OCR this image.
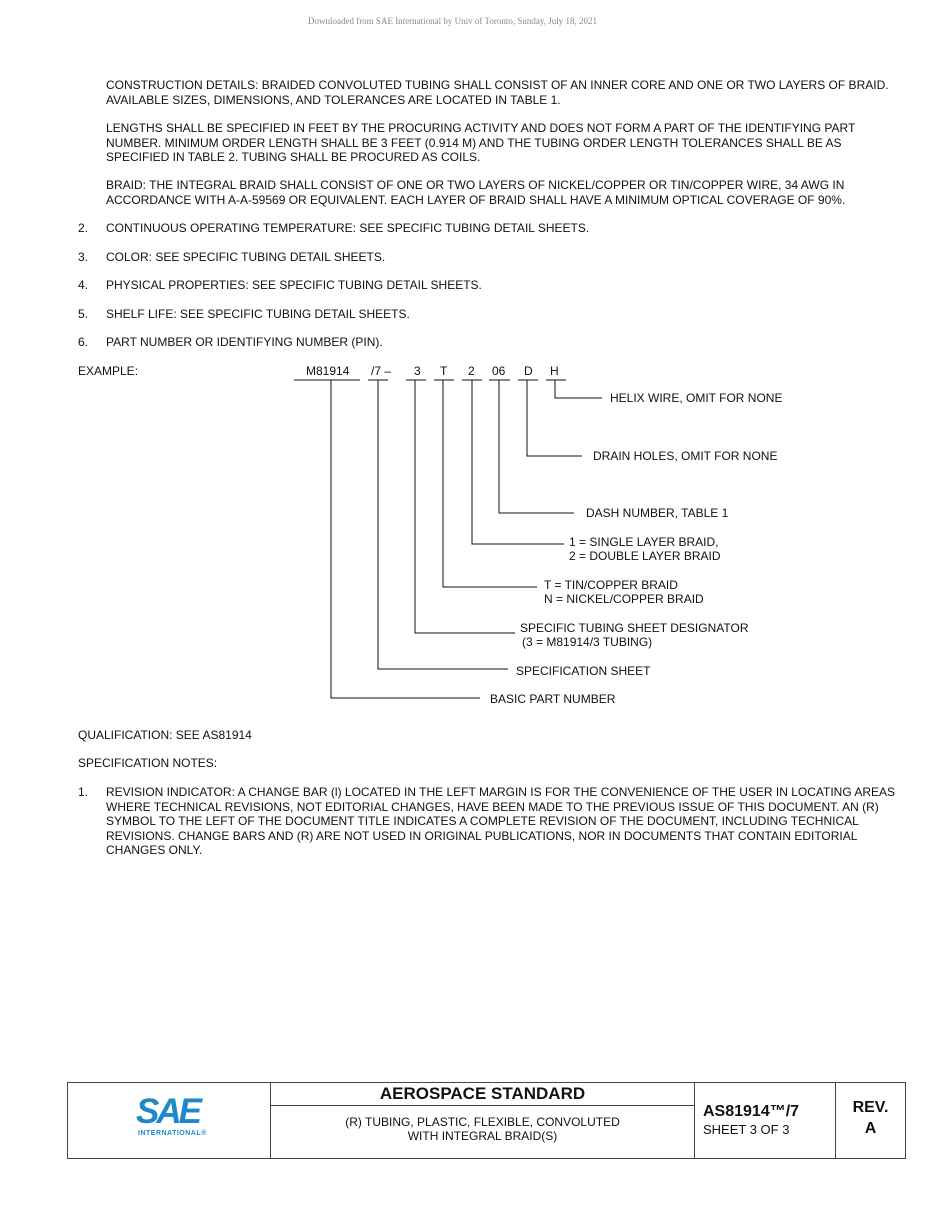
Downloaded from SAE International by Univ of Toronto, Sunday, July 18, 2021

CONSTRUCTION DETAILS: BRAIDED CONVOLUTED TUBING SHALL CONSIST OF AN INNER CORE AND ONE OR TWO LAYERS OF BRAID. AVAILABLE SIZES, DIMENSIONS, AND TOLERANCES ARE LOCATED IN TABLE 1.

LENGTHS SHALL BE SPECIFIED IN FEET BY THE PROCURING ACTIVITY AND DOES NOT FORM A PART OF THE IDENTIFYING PART NUMBER. MINIMUM ORDER LENGTH SHALL BE 3 FEET (0.914 M) AND THE TUBING ORDER LENGTH TOLERANCES SHALL BE AS SPECIFIED IN TABLE 2. TUBING SHALL BE PROCURED AS COILS.

BRAID: THE INTEGRAL BRAID SHALL CONSIST OF ONE OR TWO LAYERS OF NICKEL/COPPER OR TIN/COPPER WIRE, 34 AWG IN ACCORDANCE WITH A-A-59569 OR EQUIVALENT. EACH LAYER OF BRAID SHALL HAVE A MINIMUM OPTICAL COVERAGE OF 90%.

2. CONTINUOUS OPERATING TEMPERATURE: SEE SPECIFIC TUBING DETAIL SHEETS.

3. COLOR: SEE SPECIFIC TUBING DETAIL SHEETS.

4. PHYSICAL PROPERTIES: SEE SPECIFIC TUBING DETAIL SHEETS.

5. SHELF LIFE: SEE SPECIFIC TUBING DETAIL SHEETS.

6. PART NUMBER OR IDENTIFYING NUMBER (PIN).

EXAMPLE:	M81914 /7 – 3 T 2 06 D H
HELIX WIRE, OMIT FOR NONE
DRAIN HOLES, OMIT FOR NONE
DASH NUMBER, TABLE 1
1 = SINGLE LAYER BRAID,
2 = DOUBLE LAYER BRAID
T = TIN/COPPER BRAID
N = NICKEL/COPPER BRAID
SPECIFIC TUBING SHEET DESIGNATOR
(3 = M81914/3 TUBING)
SPECIFICATION SHEET
BASIC PART NUMBER
QUALIFICATION: SEE AS81914
SPECIFICATION NOTES:
1. REVISION INDICATOR: A CHANGE BAR (l) LOCATED IN THE LEFT MARGIN IS FOR THE CONVENIENCE OF THE USER IN LOCATING AREAS WHERE TECHNICAL REVISIONS, NOT EDITORIAL CHANGES, HAVE BEEN MADE TO THE PREVIOUS ISSUE OF THIS DOCUMENT. AN (R) SYMBOL TO THE LEFT OF THE DOCUMENT TITLE INDICATES A COMPLETE REVISION OF THE DOCUMENT, INCLUDING TECHNICAL REVISIONS. CHANGE BARS AND (R) ARE NOT USED IN ORIGINAL PUBLICATIONS, NOR IN DOCUMENTS THAT CONTAIN EDITORIAL CHANGES ONLY.

SAE
INTERNATIONAL®
AEROSPACE STANDARD
(R) TUBING, PLASTIC, FLEXIBLE, CONVOLUTED
WITH INTEGRAL BRAID(S)
AS81914™/7
SHEET 3 OF 3
REV.
A
